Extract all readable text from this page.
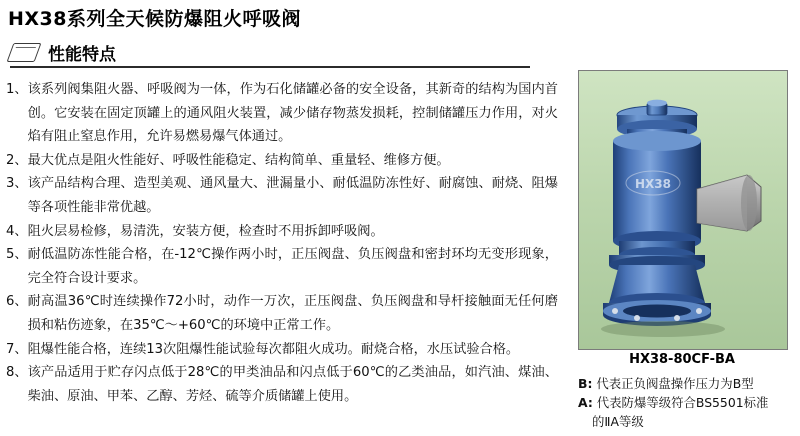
HX38系列全天候防爆阻火呼吸阀
性能特点
1、 该系列阀集阻火器、呼吸阀为一体，作为石化储罐必备的安全设备，其新奇的结构为国内首创。它安装在固定顶罐上的通风阻火装置，减少储存物蒸发损耗，控制储罐压力作用，对火焰有阻止窒息作用，允许易燃易爆气体通过。
2、 最大优点是阻火性能好、呼吸性能稳定、结构简单、重量轻、维修方便。
3、 该产品结构合理、造型美观、通风量大、泄漏量小、耐低温防冻性好、耐腐蚀、耐烧、阻爆等各项性能非常优越。
4、 阻火层易检修，易清洗，安装方便，检查时不用拆卸呼吸阀。
5、 耐低温防冻性能合格，在-12℃操作两小时，正压阀盘、负压阀盘和密封环均无变形现象，完全符合设计要求。
6、 耐高温36℃时连续操作72小时，动作一万次，正压阀盘、负压阀盘和导杆接触面无任何磨损和粘伤迹象，在35℃～+60℃的环境中正常工作。
7、 阻爆性能合格，连续13次阻爆性能试验每次都阻火成功。耐烧合格，水压试验合格。
8、 该产品适用于贮存闪点低于28℃的甲类油品和闪点低于60℃的乙类油品，如汽油、煤油、柴油、原油、甲苯、乙醇、芳烃、硫等介质储罐上使用。
HX38
HX38-80CF-BA
B: 代表正负阀盘操作压力为B型
A: 代表防爆等级符合BS5501标准
的ⅡA等级
